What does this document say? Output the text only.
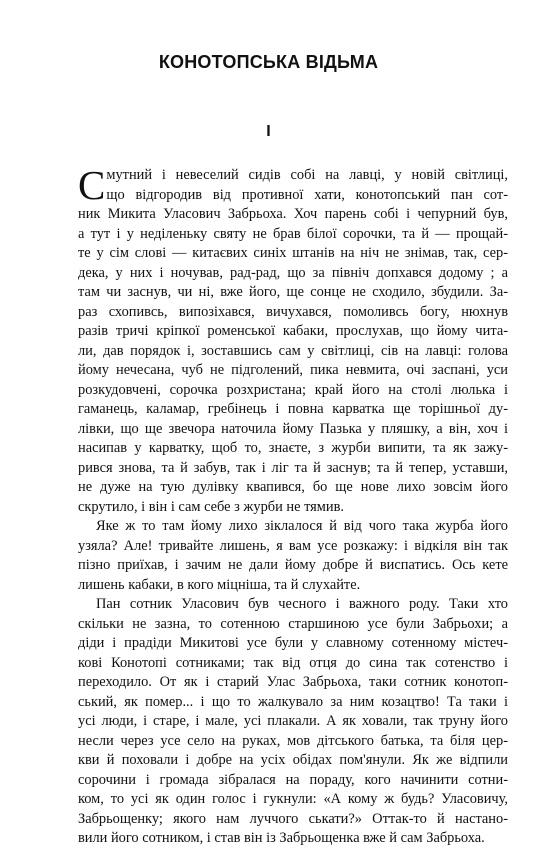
КОНОТОПСЬКА ВІДЬМА
І
С мутний і невеселий сидів собі на лавці, у новій світлиці,
що відгородив від противної хати, конотопський пан сот-
ник Микита Уласович Забрьоха. Хоч парень собі і чепурний був,
а тут і у неділеньку святу не брав білої сорочки, та й — прощай-
те у сім слові — китаєвих синіх штанів на ніч не знімав, так, сер-
дека, у них і ночував, рад-рад, що за північ допхався додому ; а
там чи заснув, чи ні, вже його, ще сонце не сходило, збудили. За-
раз схопивсь, випозіхався, вичухався, помоливсь богу, нюхнув
разів тричі кріпкої роменської кабаки, прослухав, що йому чита-
ли, дав порядок і, зоставшись сам у світлиці, сів на лавці: голова
йому нечесана, чуб не підголений, пика невмита, очі заспані, уси
розкудовчені, сорочка розхристана; край його на столі люлька і
гаманець, каламар, гребінець і повна карватка ще торішньої ду-
лівки, що ще звечора наточила йому Пазька у пляшку, а він, хоч і
насипав у карватку, щоб то, знаєте, з журби випити, та як зажу-
рився знова, та й забув, так і ліг та й заснув; та й тепер, уставши,
не дуже на тую дулівку квапився, бо ще нове лихо зовсім його
скрутило, і він і сам себе з журби не тямив.
Яке ж то там йому лихо зіклалося й від чого така журба його
узяла? Але! тривайте лишень, я вам усе розкажу: і відкіля він так
пізно приїхав, і зачим не дали йому добре й виспатись. Ось кете
лишень кабаки, в кого міцніша, та й слухайте.
Пан сотник Уласович був чесного і важного роду. Таки хто
скільки не зазна, то сотенною старшиною усе були Забрьохи; а
діди і прадіди Микитові усе були у славному сотенному містеч-
кові Конотопі сотниками; так від отця до сина так сотенство і
переходило. От як і старий Улас Забрьоха, таки сотник конотоп-
ський, як помер... і що то жалкувало за ним козацтво! Та таки і
усі люди, і старе, і мале, усі плакали. А як ховали, так труну його
несли через усе село на руках, мов дітського батька, та біля цер-
кви й поховали і добре на усіх обідах пом'янули. Як же відпили
сорочини і громада зібралася на пораду, кого начинити сотни-
ком, то усі як один голос і гукнули: «А кому ж будь? Уласовичу,
Забрьощенку; якого нам луччого ськати?» Оттак-то й настано-
вили його сотником, і став він із Забрьощенка вже й сам Забрьоха.
